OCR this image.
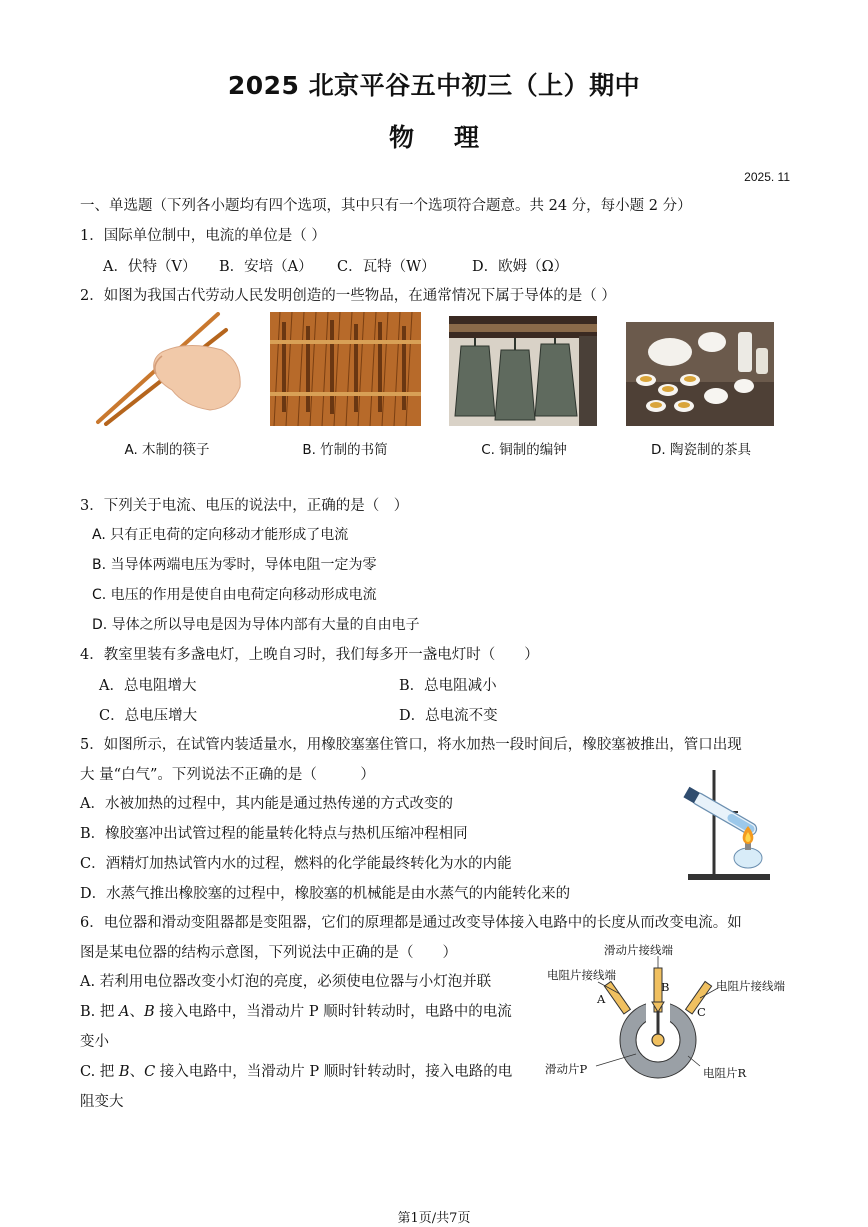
2025 北京平谷五中初三（上）期中
物理
2025. 11
一、单选题（下列各小题均有四个选项，其中只有一个选项符合题意。共 24 分，每小题 2 分）
1．国际单位制中，电流的单位是（ ）
A．伏特（V） B．安培（A） C．瓦特（W）	D．欧姆（Ω）
2．如图为我国古代劳动人民发明创造的一些物品，在通常情况下属于导体的是（ ）
A. 木制的筷子	B. 竹制的书简	C. 铜制的编钟	D. 陶瓷制的茶具
3．下列关于电流、电压的说法中，正确的是（　）
A. 只有正电荷的定向移动才能形成了电流
B. 当导体两端电压为零时，导体电阻一定为零
C. 电压的作用是使自由电荷定向移动形成电流
D. 导体之所以导电是因为导体内部有大量的自由电子
4．教室里装有多盏电灯，上晚自习时，我们每多开一盏电灯时（　　）
A．总电阻增大	B．总电阻减小
C．总电压增大	D．总电流不变
5．如图所示，在试管内装适量水，用橡胶塞塞住管口，将水加热一段时间后，橡胶塞被推出，管口出现
大 量“白气”。下列说法不正确的是（　　　）
A．水被加热的过程中，其内能是通过热传递的方式改变的
B．橡胶塞冲出试管过程的能量转化特点与热机压缩冲程相同
C．酒精灯加热试管内水的过程，燃料的化学能最终转化为水的内能
D．水蒸气推出橡胶塞的过程中，橡胶塞的机械能是由水蒸气的内能转化来的
6．电位器和滑动变阻器都是变阻器，它们的原理都是通过改变导体接入电路中的长度从而改变电流。如
图是某电位器的结构示意图，下列说法中正确的是（　　）
A. 若利用电位器改变小灯泡的亮度，必须使电位器与小灯泡并联
B. 把 A、B 接入电路中，当滑动片 P 顺时针转动时，电路中的电流
变小
C. 把 B、C 接入电路中，当滑动片 P 顺时针转动时，接入电路的电
阻变大
滑动片接线端
电阻片接线端
电阻片接线端
A
B
C
滑动片P	电阻片R
第1页/共7页
